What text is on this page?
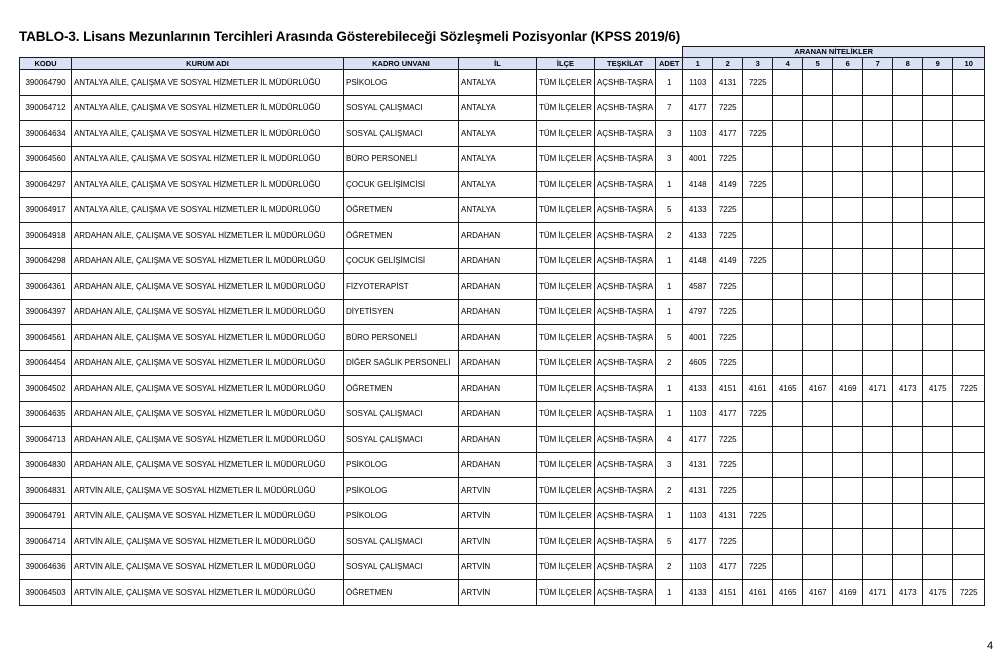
TABLO-3. Lisans Mezunlarının Tercihleri Arasında Gösterebileceği Sözleşmeli Pozisyonlar (KPSS 2019/6)
							ARANAN NİTELİKLER									
KODU	KURUM ADI	KADRO UNVANI	İL	İLÇE	TEŞKİLAT	ADET	1	2	3	4	5	6	7	8	9	10
390064790	ANTALYA AİLE, ÇALIŞMA VE SOSYAL HİZMETLER İL MÜDÜRLÜĞÜ	PSİKOLOG	ANTALYA	TÜM İLÇELER	AÇSHB-TAŞRA	1	1103	4131	7225							
390064712	ANTALYA AİLE, ÇALIŞMA VE SOSYAL HİZMETLER İL MÜDÜRLÜĞÜ	SOSYAL ÇALIŞMACI	ANTALYA	TÜM İLÇELER	AÇSHB-TAŞRA	7	4177	7225								
390064634	ANTALYA AİLE, ÇALIŞMA VE SOSYAL HİZMETLER İL MÜDÜRLÜĞÜ	SOSYAL ÇALIŞMACI	ANTALYA	TÜM İLÇELER	AÇSHB-TAŞRA	3	1103	4177	7225							
390064560	ANTALYA AİLE, ÇALIŞMA VE SOSYAL HİZMETLER İL MÜDÜRLÜĞÜ	BÜRO PERSONELİ	ANTALYA	TÜM İLÇELER	AÇSHB-TAŞRA	3	4001	7225								
390064297	ANTALYA AİLE, ÇALIŞMA VE SOSYAL HİZMETLER İL MÜDÜRLÜĞÜ	ÇOCUK GELİŞİMCİSİ	ANTALYA	TÜM İLÇELER	AÇSHB-TAŞRA	1	4148	4149	7225							
390064917	ANTALYA AİLE, ÇALIŞMA VE SOSYAL HİZMETLER İL MÜDÜRLÜĞÜ	ÖĞRETMEN	ANTALYA	TÜM İLÇELER	AÇSHB-TAŞRA	5	4133	7225								
390064918	ARDAHAN AİLE, ÇALIŞMA VE SOSYAL HİZMETLER İL MÜDÜRLÜĞÜ	ÖĞRETMEN	ARDAHAN	TÜM İLÇELER	AÇSHB-TAŞRA	2	4133	7225								
390064298	ARDAHAN AİLE, ÇALIŞMA VE SOSYAL HİZMETLER İL MÜDÜRLÜĞÜ	ÇOCUK GELİŞİMCİSİ	ARDAHAN	TÜM İLÇELER	AÇSHB-TAŞRA	1	4148	4149	7225							
390064361	ARDAHAN AİLE, ÇALIŞMA VE SOSYAL HİZMETLER İL MÜDÜRLÜĞÜ	FİZYOTERAPİST	ARDAHAN	TÜM İLÇELER	AÇSHB-TAŞRA	1	4587	7225								
390064397	ARDAHAN AİLE, ÇALIŞMA VE SOSYAL HİZMETLER İL MÜDÜRLÜĞÜ	DİYETİSYEN	ARDAHAN	TÜM İLÇELER	AÇSHB-TAŞRA	1	4797	7225								
390064561	ARDAHAN AİLE, ÇALIŞMA VE SOSYAL HİZMETLER İL MÜDÜRLÜĞÜ	BÜRO PERSONELİ	ARDAHAN	TÜM İLÇELER	AÇSHB-TAŞRA	5	4001	7225								
390064454	ARDAHAN AİLE, ÇALIŞMA VE SOSYAL HİZMETLER İL MÜDÜRLÜĞÜ	DİĞER SAĞLIK PERSONELİ	ARDAHAN	TÜM İLÇELER	AÇSHB-TAŞRA	2	4605	7225								
390064502	ARDAHAN AİLE, ÇALIŞMA VE SOSYAL HİZMETLER İL MÜDÜRLÜĞÜ	ÖĞRETMEN	ARDAHAN	TÜM İLÇELER	AÇSHB-TAŞRA	1	4133	4151	4161	4165	4167	4169	4171	4173	4175	7225
390064635	ARDAHAN AİLE, ÇALIŞMA VE SOSYAL HİZMETLER İL MÜDÜRLÜĞÜ	SOSYAL ÇALIŞMACI	ARDAHAN	TÜM İLÇELER	AÇSHB-TAŞRA	1	1103	4177	7225							
390064713	ARDAHAN AİLE, ÇALIŞMA VE SOSYAL HİZMETLER İL MÜDÜRLÜĞÜ	SOSYAL ÇALIŞMACI	ARDAHAN	TÜM İLÇELER	AÇSHB-TAŞRA	4	4177	7225								
390064830	ARDAHAN AİLE, ÇALIŞMA VE SOSYAL HİZMETLER İL MÜDÜRLÜĞÜ	PSİKOLOG	ARDAHAN	TÜM İLÇELER	AÇSHB-TAŞRA	3	4131	7225								
390064831	ARTVİN AİLE, ÇALIŞMA VE SOSYAL HİZMETLER İL MÜDÜRLÜĞÜ	PSİKOLOG	ARTVİN	TÜM İLÇELER	AÇSHB-TAŞRA	2	4131	7225								
390064791	ARTVİN AİLE, ÇALIŞMA VE SOSYAL HİZMETLER İL MÜDÜRLÜĞÜ	PSİKOLOG	ARTVİN	TÜM İLÇELER	AÇSHB-TAŞRA	1	1103	4131	7225							
390064714	ARTVİN AİLE, ÇALIŞMA VE SOSYAL HİZMETLER İL MÜDÜRLÜĞÜ	SOSYAL ÇALIŞMACI	ARTVİN	TÜM İLÇELER	AÇSHB-TAŞRA	5	4177	7225								
390064636	ARTVİN AİLE, ÇALIŞMA VE SOSYAL HİZMETLER İL MÜDÜRLÜĞÜ	SOSYAL ÇALIŞMACI	ARTVİN	TÜM İLÇELER	AÇSHB-TAŞRA	2	1103	4177	7225							
390064503	ARTVİN AİLE, ÇALIŞMA VE SOSYAL HİZMETLER İL MÜDÜRLÜĞÜ	ÖĞRETMEN	ARTVİN	TÜM İLÇELER	AÇSHB-TAŞRA	1	4133	4151	4161	4165	4167	4169	4171	4173	4175	7225
4
